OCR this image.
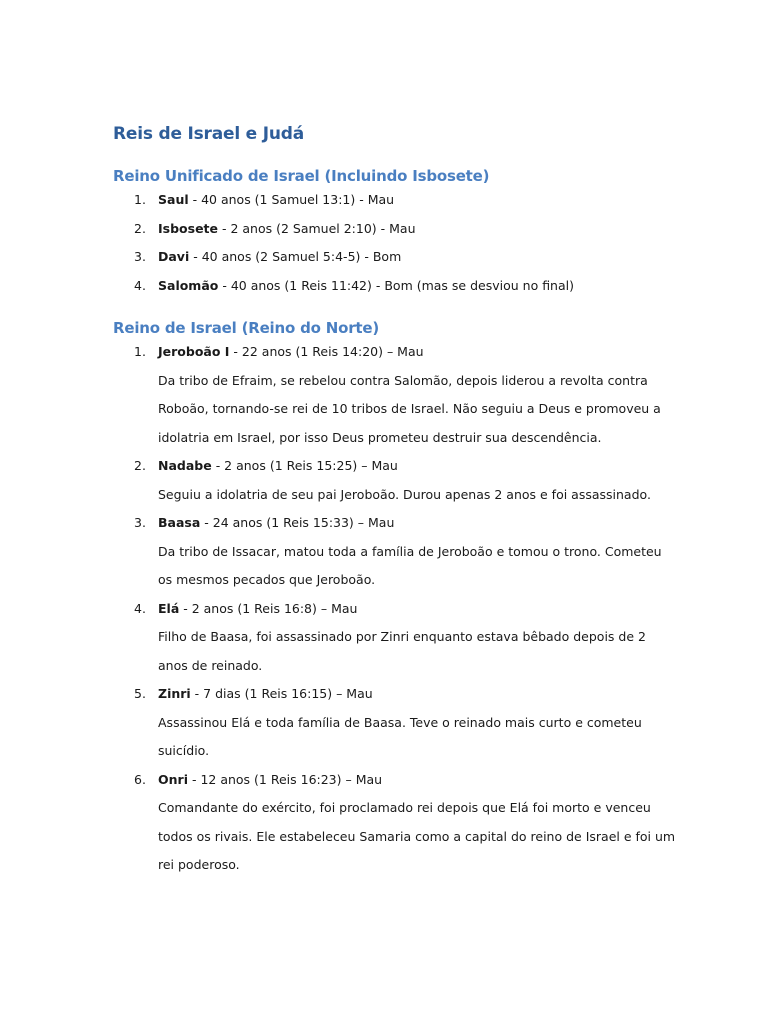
Reis de Israel e Judá
Reino Unificado de Israel (Incluindo Isbosete)
1. Saul - 40 anos (1 Samuel 13:1) - Mau
2. Isbosete - 2 anos (2 Samuel 2:10) - Mau
3. Davi - 40 anos (2 Samuel 5:4-5) - Bom
4. Salomão - 40 anos (1 Reis 11:42) - Bom (mas se desviou no final)
Reino de Israel (Reino do Norte)
1. Jeroboão I - 22 anos (1 Reis 14:20) – Mau
Da tribo de Efraim, se rebelou contra Salomão, depois liderou a revolta contra
Roboão, tornando-se rei de 10 tribos de Israel. Não seguiu a Deus e promoveu a
idolatria em Israel, por isso Deus prometeu destruir sua descendência.
2. Nadabe - 2 anos (1 Reis 15:25) – Mau
Seguiu a idolatria de seu pai Jeroboão. Durou apenas 2 anos e foi assassinado.
3. Baasa - 24 anos (1 Reis 15:33) – Mau
Da tribo de Issacar, matou toda a família de Jeroboão e tomou o trono. Cometeu
os mesmos pecados que Jeroboão.
4. Elá - 2 anos (1 Reis 16:8) – Mau
Filho de Baasa, foi assassinado por Zinri enquanto estava bêbado depois de 2
anos de reinado.
5. Zinri - 7 dias (1 Reis 16:15) – Mau
Assassinou Elá e toda família de Baasa. Teve o reinado mais curto e cometeu
suicídio.
6. Onri - 12 anos (1 Reis 16:23) – Mau
Comandante do exército, foi proclamado rei depois que Elá foi morto e venceu
todos os rivais. Ele estabeleceu Samaria como a capital do reino de Israel e foi um
rei poderoso.
